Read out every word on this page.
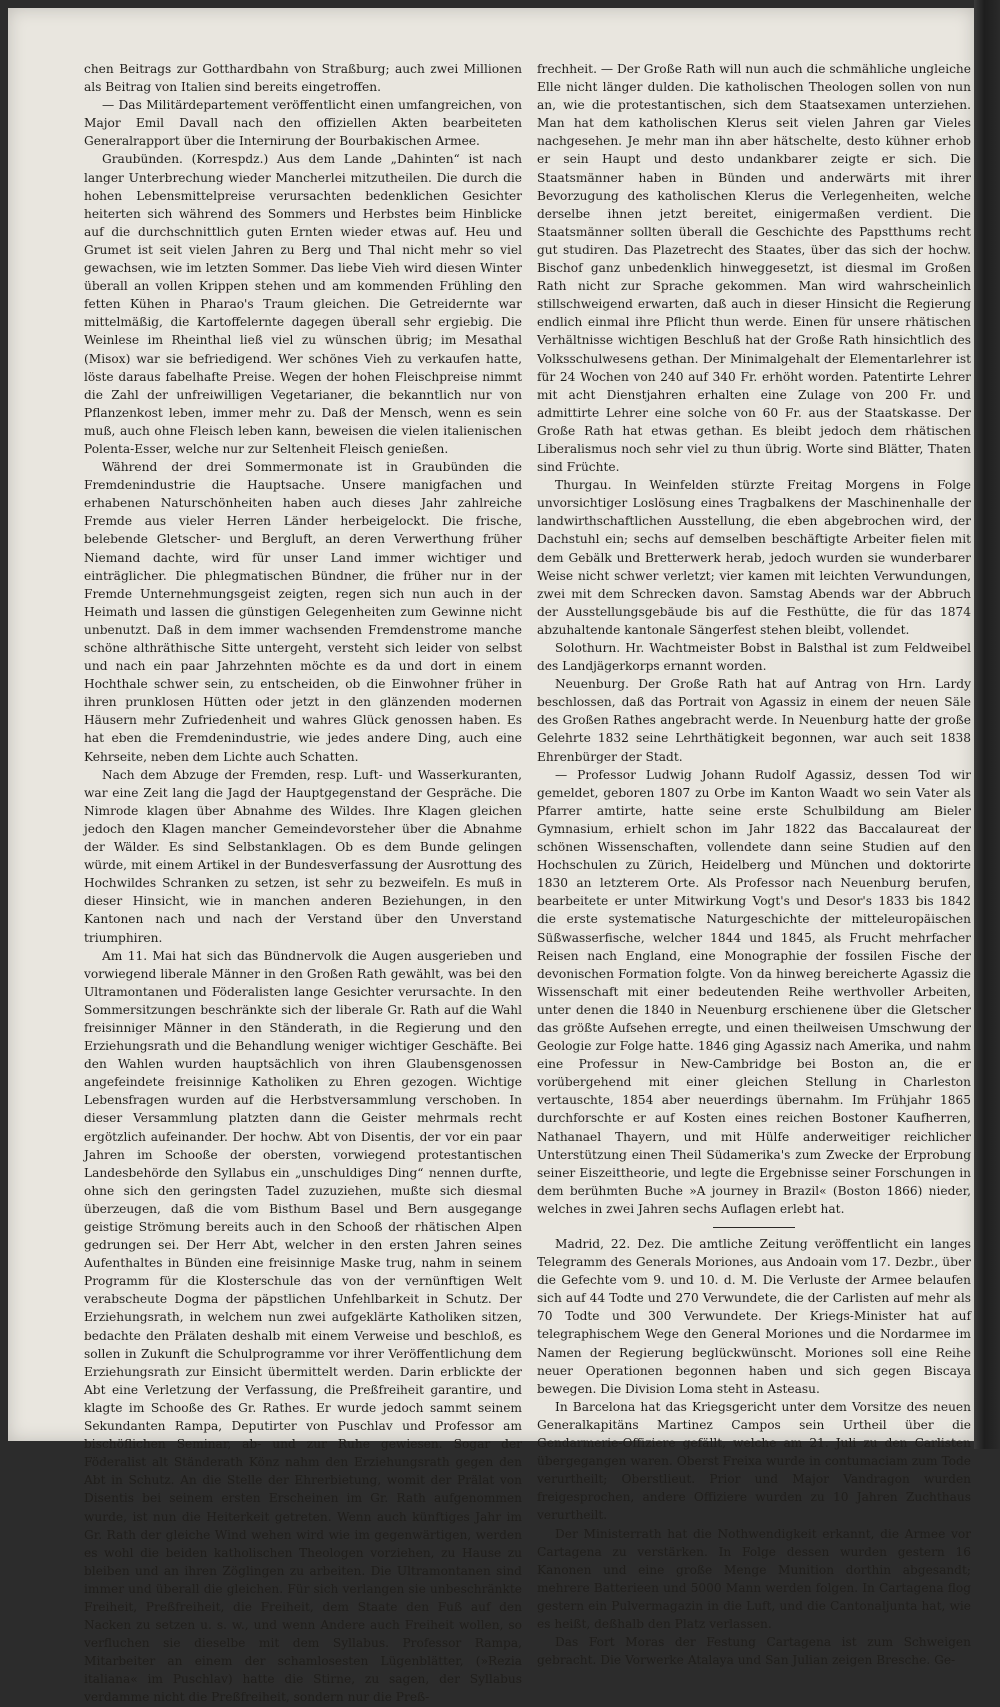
chen Beitrags zur Gotthardbahn von Straßburg; auch zwei Millionen als Beitrag von Italien sind bereits eingetroffen.

— Das Militärdepartement veröffentlicht einen umfangreichen, von Major Emil Davall nach den offiziellen Akten bearbeiteten Generalrapport über die Internirung der Bourbakischen Armee.

Graubünden. (Korrespdz.) Aus dem Lande „Dahinten“ ist nach langer Unterbrechung wieder Mancherlei mitzutheilen. Die durch die hohen Lebensmittelpreise verursachten bedenklichen Gesichter heiterten sich während des Sommers und Herbstes beim Hinblicke auf die durchschnittlich guten Ernten wieder etwas auf. Heu und Grumet ist seit vielen Jahren zu Berg und Thal nicht mehr so viel gewachsen, wie im letzten Sommer. Das liebe Vieh wird diesen Winter überall an vollen Krippen stehen und am kommenden Frühling den fetten Kühen in Pharao's Traum gleichen. Die Getreidernte war mittelmäßig, die Kartoffelernte dagegen überall sehr ergiebig. Die Weinlese im Rheinthal ließ viel zu wünschen übrig; im Mesathal (Misox) war sie befriedigend. Wer schönes Vieh zu verkaufen hatte, löste daraus fabelhafte Preise. Wegen der hohen Fleischpreise nimmt die Zahl der unfreiwilligen Vegetarianer, die bekanntlich nur von Pflanzenkost leben, immer mehr zu. Daß der Mensch, wenn es sein muß, auch ohne Fleisch leben kann, beweisen die vielen italienischen Polenta-Esser, welche nur zur Seltenheit Fleisch genießen.

Während der drei Sommermonate ist in Graubünden die Fremdenindustrie die Hauptsache. Unsere manigfachen und erhabenen Naturschönheiten haben auch dieses Jahr zahlreiche Fremde aus vieler Herren Länder herbeigelockt. Die frische, belebende Gletscher- und Bergluft, an deren Verwerthung früher Niemand dachte, wird für unser Land immer wichtiger und einträglicher. Die phlegmatischen Bündner, die früher nur in der Fremde Unternehmungsgeist zeigten, regen sich nun auch in der Heimath und lassen die günstigen Gelegenheiten zum Gewinne nicht unbenutzt. Daß in dem immer wachsenden Fremdenstrome manche schöne althräthische Sitte untergeht, versteht sich leider von selbst und nach ein paar Jahrzehnten möchte es da und dort in einem Hochthale schwer sein, zu entscheiden, ob die Einwohner früher in ihren prunklosen Hütten oder jetzt in den glänzenden modernen Häusern mehr Zufriedenheit und wahres Glück genossen haben. Es hat eben die Fremdenindustrie, wie jedes andere Ding, auch eine Kehrseite, neben dem Lichte auch Schatten.

Nach dem Abzuge der Fremden, resp. Luft- und Wasserkuranten, war eine Zeit lang die Jagd der Hauptgegenstand der Gespräche. Die Nimrode klagen über Abnahme des Wildes. Ihre Klagen gleichen jedoch den Klagen mancher Gemeindevorsteher über die Abnahme der Wälder. Es sind Selbstanklagen. Ob es dem Bunde gelingen würde, mit einem Artikel in der Bundesverfassung der Ausrottung des Hochwildes Schranken zu setzen, ist sehr zu bezweifeln. Es muß in dieser Hinsicht, wie in manchen anderen Beziehungen, in den Kantonen nach und nach der Verstand über den Unverstand triumphiren.

Am 11. Mai hat sich das Bündnervolk die Augen ausgerieben und vorwiegend liberale Männer in den Großen Rath gewählt, was bei den Ultramontanen und Föderalisten lange Gesichter verursachte. In den Sommersitzungen beschränkte sich der liberale Gr. Rath auf die Wahl freisinniger Männer in den Ständerath, in die Regierung und den Erziehungsrath und die Behandlung weniger wichtiger Geschäfte. Bei den Wahlen wurden hauptsächlich von ihren Glaubensgenossen angefeindete freisinnige Katholiken zu Ehren gezogen. Wichtige Lebensfragen wurden auf die Herbstversammlung verschoben. In dieser Versammlung platzten dann die Geister mehrmals recht ergötzlich aufeinander. Der hochw. Abt von Disentis, der vor ein paar Jahren im Schooße der obersten, vorwiegend protestantischen Landesbehörde den Syllabus ein „unschuldiges Ding“ nennen durfte, ohne sich den geringsten Tadel zuzuziehen, mußte sich diesmal überzeugen, daß die vom Bisthum Basel und Bern ausgegange geistige Strömung bereits auch in den Schooß der rhätischen Alpen gedrungen sei. Der Herr Abt, welcher in den ersten Jahren seines Aufenthaltes in Bünden eine freisinnige Maske trug, nahm in seinem Programm für die Klosterschule das von der vernünftigen Welt verabscheute Dogma der päpstlichen Unfehlbarkeit in Schutz. Der Erziehungsrath, in welchem nun zwei aufgeklärte Katholiken sitzen, bedachte den Prälaten deshalb mit einem Verweise und beschloß, es sollen in Zukunft die Schulprogramme vor ihrer Veröffentlichung dem Erziehungsrath zur Einsicht übermittelt werden. Darin erblickte der Abt eine Verletzung der Verfassung, die Preßfreiheit garantire, und klagte im Schooße des Gr. Rathes. Er wurde jedoch sammt seinem Sekundanten Rampa, Deputirter von Puschlav und Professor am bischöflichen Seminar, ab- und zur Ruhe gewiesen. Sogar der Föderalist alt Ständerath Könz nahm den Erziehungsrath gegen den Abt in Schutz. An die Stelle der Ehrerbietung, womit der Prälat von Disentis bei seinem ersten Erscheinen im Gr. Rath aufgenommen wurde, ist nun die Heiterkeit getreten. Wenn auch künftiges Jahr im Gr. Rath der gleiche Wind wehen wird wie im gegenwärtigen, werden es wohl die beiden katholischen Theologen vorziehen, zu Hause zu bleiben und an ihren Zöglingen zu arbeiten. Die Ultramontanen sind immer und überall die gleichen. Für sich verlangen sie unbeschränkte Freiheit, Preßfreiheit, die Freiheit, dem Staate den Fuß auf den Nacken zu setzen u. s. w., und wenn Andere auch Freiheit wollen, so verfluchen sie dieselbe mit dem Syllabus. Professor Rampa, Mitarbeiter an einem der schamlosesten Lügenblätter, (»Rezia italiana« im Puschlav) hatte die Stirne, zu sagen, der Syllabus verdamme nicht die Preßfreiheit, sondern nur die Preß-

frechheit. — Der Große Rath will nun auch die schmähliche ungleiche Elle nicht länger dulden. Die katholischen Theologen sollen von nun an, wie die protestantischen, sich dem Staatsexamen unterziehen. Man hat dem katholischen Klerus seit vielen Jahren gar Vieles nachgesehen. Je mehr man ihn aber hätschelte, desto kühner erhob er sein Haupt und desto undankbarer zeigte er sich. Die Staatsmänner haben in Bünden und anderwärts mit ihrer Bevorzugung des katholischen Klerus die Verlegenheiten, welche derselbe ihnen jetzt bereitet, einigermaßen verdient. Die Staatsmänner sollten überall die Geschichte des Papstthums recht gut studiren. Das Plazetrecht des Staates, über das sich der hochw. Bischof ganz unbedenklich hinweggesetzt, ist diesmal im Großen Rath nicht zur Sprache gekommen. Man wird wahrscheinlich stillschweigend erwarten, daß auch in dieser Hinsicht die Regierung endlich einmal ihre Pflicht thun werde. Einen für unsere rhätischen Verhältnisse wichtigen Beschluß hat der Große Rath hinsichtlich des Volksschulwesens gethan. Der Minimalgehalt der Elementarlehrer ist für 24 Wochen von 240 auf 340 Fr. erhöht worden. Patentirte Lehrer mit acht Dienstjahren erhalten eine Zulage von 200 Fr. und admittirte Lehrer eine solche von 60 Fr. aus der Staatskasse. Der Große Rath hat etwas gethan. Es bleibt jedoch dem rhätischen Liberalismus noch sehr viel zu thun übrig. Worte sind Blätter, Thaten sind Früchte.

Thurgau. In Weinfelden stürzte Freitag Morgens in Folge unvorsichtiger Loslösung eines Tragbalkens der Maschinenhalle der landwirthschaftlichen Ausstellung, die eben abgebrochen wird, der Dachstuhl ein; sechs auf demselben beschäftigte Arbeiter fielen mit dem Gebälk und Bretterwerk herab, jedoch wurden sie wunderbarer Weise nicht schwer verletzt; vier kamen mit leichten Verwundungen, zwei mit dem Schrecken davon. Samstag Abends war der Abbruch der Ausstellungsgebäude bis auf die Festhütte, die für das 1874 abzuhaltende kantonale Sängerfest stehen bleibt, vollendet.

Solothurn. Hr. Wachtmeister Bobst in Balsthal ist zum Feldweibel des Landjägerkorps ernannt worden.

Neuenburg. Der Große Rath hat auf Antrag von Hrn. Lardy beschlossen, daß das Portrait von Agassiz in einem der neuen Säle des Großen Rathes angebracht werde. In Neuenburg hatte der große Gelehrte 1832 seine Lehrthätigkeit begonnen, war auch seit 1838 Ehrenbürger der Stadt.

— Professor Ludwig Johann Rudolf Agassiz, dessen Tod wir gemeldet, geboren 1807 zu Orbe im Kanton Waadt wo sein Vater als Pfarrer amtirte, hatte seine erste Schulbildung am Bieler Gymnasium, erhielt schon im Jahr 1822 das Baccalaureat der schönen Wissenschaften, vollendete dann seine Studien auf den Hochschulen zu Zürich, Heidelberg und München und doktorirte 1830 an letzterem Orte. Als Professor nach Neuenburg berufen, bearbeitete er unter Mitwirkung Vogt's und Desor's 1833 bis 1842 die erste systematische Naturgeschichte der mitteleuropäischen Süßwasserfische, welcher 1844 und 1845, als Frucht mehrfacher Reisen nach England, eine Monographie der fossilen Fische der devonischen Formation folgte. Von da hinweg bereicherte Agassiz die Wissenschaft mit einer bedeutenden Reihe werthvoller Arbeiten, unter denen die 1840 in Neuenburg erschienene über die Gletscher das größte Aufsehen erregte, und einen theilweisen Umschwung der Geologie zur Folge hatte. 1846 ging Agassiz nach Amerika, und nahm eine Professur in New-Cambridge bei Boston an, die er vorübergehend mit einer gleichen Stellung in Charleston vertauschte, 1854 aber neuerdings übernahm. Im Frühjahr 1865 durchforschte er auf Kosten eines reichen Bostoner Kaufherren, Nathanael Thayern, und mit Hülfe anderweitiger reichlicher Unterstützung einen Theil Südamerika's zum Zwecke der Erprobung seiner Eiszeittheorie, und legte die Ergebnisse seiner Forschungen in dem berühmten Buche »A journey in Brazil« (Boston 1866) nieder, welches in zwei Jahren sechs Auflagen erlebt hat.

Madrid, 22. Dez. Die amtliche Zeitung veröffentlicht ein langes Telegramm des Generals Moriones, aus Andoain vom 17. Dezbr., über die Gefechte vom 9. und 10. d. M. Die Verluste der Armee belaufen sich auf 44 Todte und 270 Verwundete, die der Carlisten auf mehr als 70 Todte und 300 Verwundete. Der Kriegs-Minister hat auf telegraphischem Wege den General Moriones und die Nordarmee im Namen der Regierung beglückwünscht. Moriones soll eine Reihe neuer Operationen begonnen haben und sich gegen Biscaya bewegen. Die Division Loma steht in Asteasu.

In Barcelona hat das Kriegsgericht unter dem Vorsitze des neuen Generalkapitäns Martinez Campos sein Urtheil über die Gendarmerie-Offiziere gefällt, welche am 21. Juli zu den Carlisten übergegangen waren. Oberst Freixa wurde in contumaciam zum Tode verurtheilt; Oberstlieut. Prior und Major Vandragon wurden freigesprochen, andere Offiziere wurden zu 10 Jahren Zuchthaus verurtheilt.

Der Ministerrath hat die Nothwendigkeit erkannt, die Armee vor Cartagena zu verstärken. In Folge dessen wurden gestern 16 Kanonen und eine große Menge Munition dorthin abgesandt; mehrere Batterieen und 5000 Mann werden folgen. In Cartagena flog gestern ein Pulvermagazin in die Luft, und die Cantonaljunta hat, wie es heißt, deßhalb den Platz verlassen.

Das Fort Moras der Festung Cartagena ist zum Schweigen gebracht. Die Vorwerke Atalaya und San Julian zeigen Bresche. Ge-
